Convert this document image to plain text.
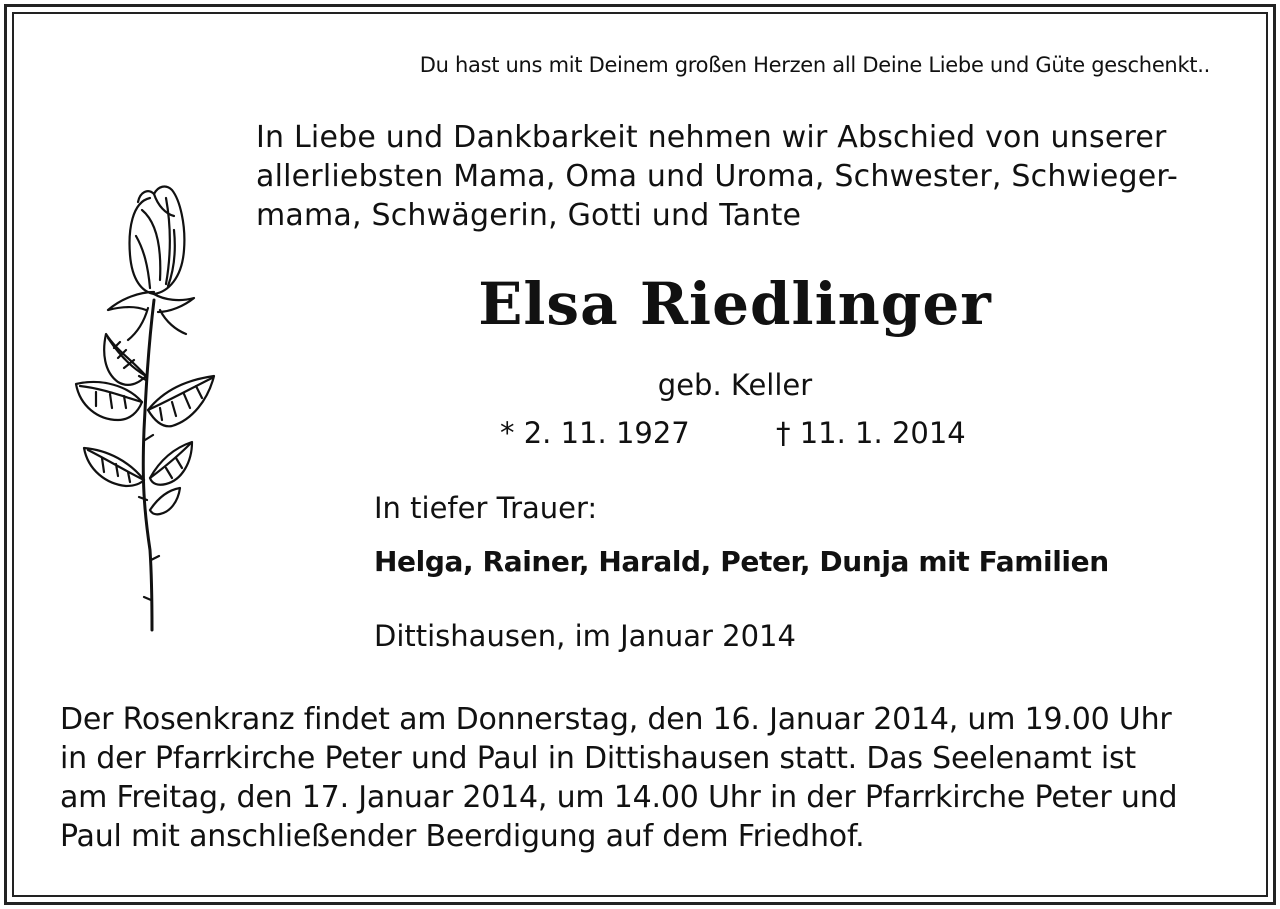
Du hast uns mit Deinem großen Herzen all Deine Liebe und Güte geschenkt..
In Liebe und Dankbarkeit nehmen wir Abschied von unserer
allerliebsten Mama, Oma und Uroma, Schwester, Schwieger-
mama, Schwägerin, Gotti und Tante
Elsa Riedlinger
geb. Keller
* 2. 11. 1927	† 11. 1. 2014
In tiefer Trauer:
Helga, Rainer, Harald, Peter, Dunja mit Familien
Dittishausen, im Januar 2014
Der Rosenkranz findet am Donnerstag, den 16. Januar 2014, um 19.00 Uhr
in der Pfarrkirche Peter und Paul in Dittishausen statt. Das Seelenamt ist
am Freitag, den 17. Januar 2014, um 14.00 Uhr in der Pfarrkirche Peter und
Paul mit anschließender Beerdigung auf dem Friedhof.
